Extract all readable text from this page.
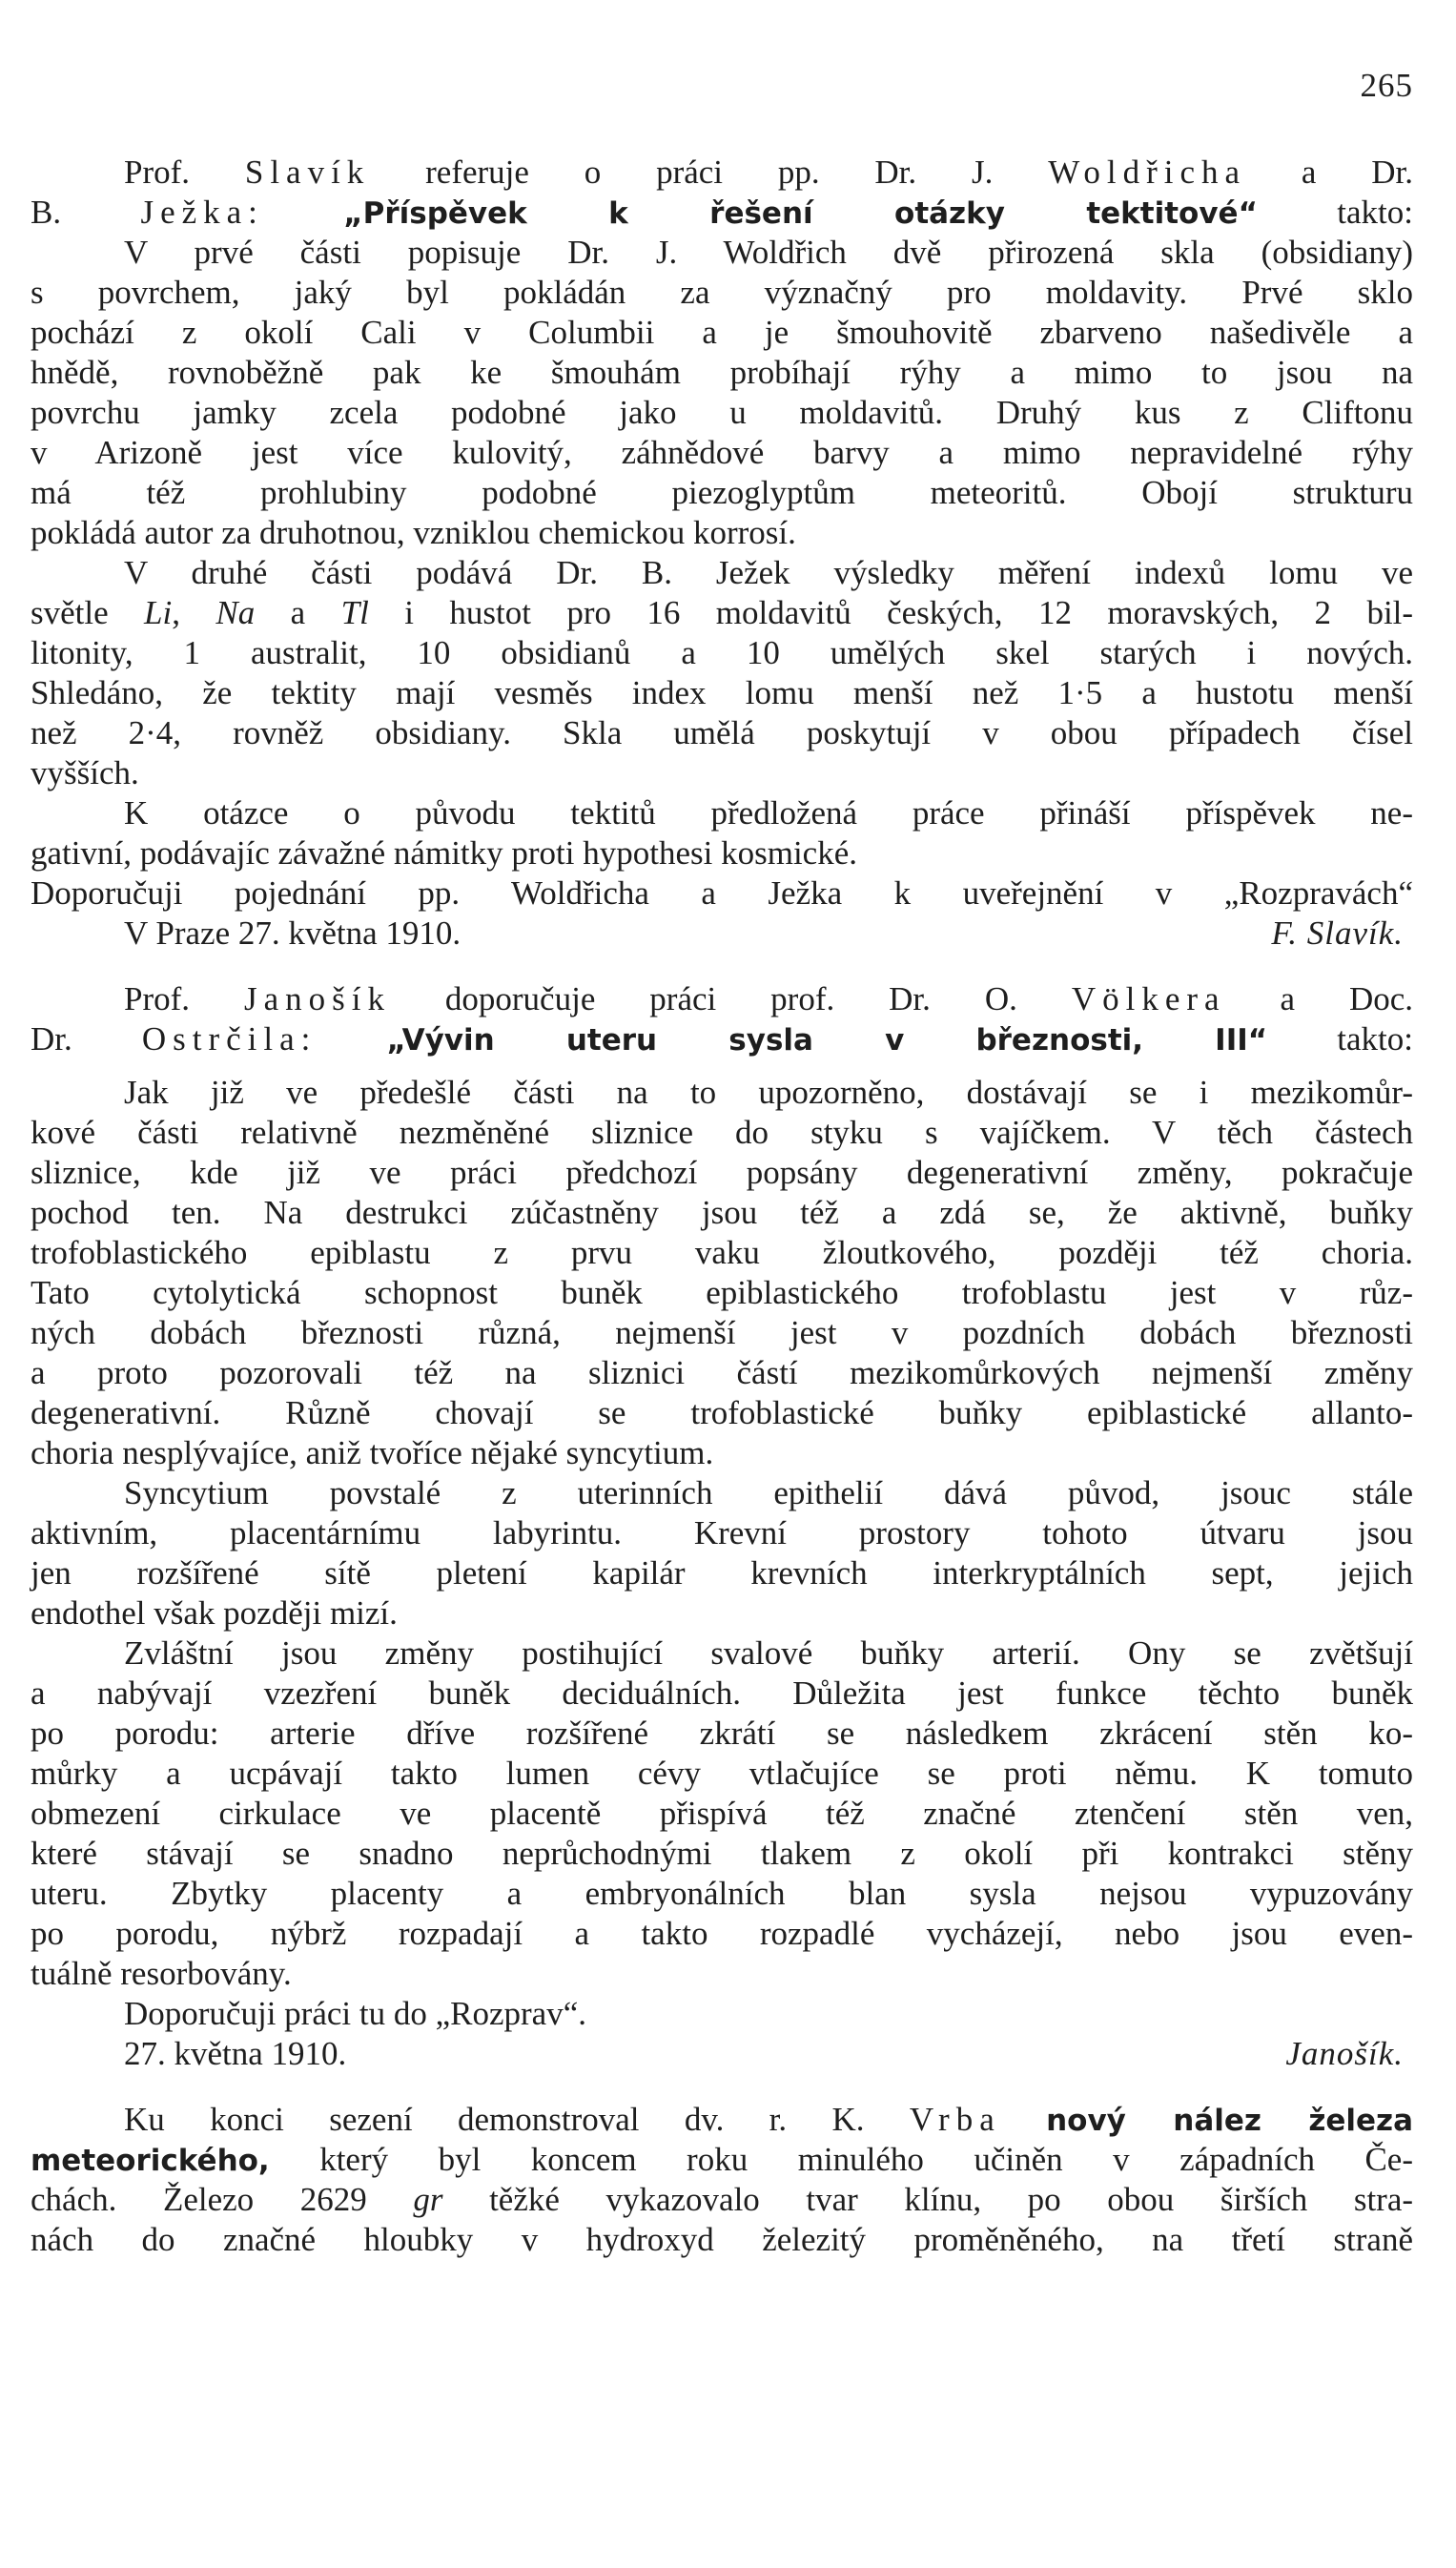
265
Prof. Slavík referuje o práci pp. Dr. J. Woldřicha a Dr.
B. Ježka:	„Příspěvek k řešení otázky tektitové“ takto:
V prvé části popisuje Dr. J. Woldřich dvě přirozená skla (obsidiany)
s povrchem, jaký byl pokládán za význačný pro moldavity. Prvé sklo
pochází z okolí Cali v Columbii a je šmouhovitě zbarveno našedivěle a
hnědě, rovnoběžně pak ke šmouhám probíhají rýhy a mimo to jsou na
povrchu jamky zcela podobné jako u moldavitů. Druhý kus z Cliftonu
v Arizoně jest více kulovitý, záhnědové barvy a mimo nepravidelné rýhy
má též prohlubiny podobné piezoglyptům meteoritů. Obojí strukturu
pokládá autor za druhotnou, vzniklou chemickou korrosí.
V druhé části podává Dr. B. Ježek výsledky měření indexů lomu ve
světle Li, Na a Tl i hustot pro 16 moldavitů českých, 12 moravských, 2 bil-
litonity, 1 australit, 10 obsidianů a 10 umělých skel starých i nových.
Shledáno, že tektity mají vesměs index lomu menší než 1·5 a hustotu menší
než 2·4, rovněž obsidiany. Skla umělá poskytují v obou případech čísel
vyšších.
K otázce o původu tektitů předložená práce přináší příspěvek ne-
gativní, podávajíc závažné námitky proti hypothesi kosmické.
Doporučuji pojednání pp. Woldřicha a Ježka k uveřejnění v „Rozpravách“
V Praze 27. května 1910.	F. Slavík.
Prof. Janošík doporučuje práci prof. Dr. O. Völkera a Doc.
Dr. Ostrčila: „Vývin uteru sysla v březnosti, III“ takto:
Jak již ve předešlé části na to upozorněno, dostávají se i mezikomůr-
kové části relativně nezměněné sliznice do styku s vajíčkem. V těch částech
sliznice, kde již ve práci předchozí popsány degenerativní změny, pokračuje
pochod ten. Na destrukci zúčastněny jsou též a zdá se, že aktivně, buňky
trofoblastického epiblastu z prvu vaku žloutkového, později též choria.
Tato cytolytická schopnost buněk epiblastického trofoblastu jest v růz-
ných dobách březnosti různá, nejmenší jest v pozdních dobách březnosti
a proto pozorovali též na sliznici částí mezikomůrkových nejmenší změny
degenerativní. Různě chovají se trofoblastické buňky epiblastické allanto-
choria nesplývajíce, aniž tvoříce nějaké syncytium.
Syncytium povstalé z uterinních epithelií dává původ, jsouc stále
aktivním, placentárnímu labyrintu. Krevní prostory tohoto útvaru jsou
jen rozšířené sítě pletení kapilár krevních interkryptálních sept, jejich
endothel však později mizí.
Zvláštní jsou změny postihující svalové buňky arterií. Ony se zvětšují
a nabývají vzezření buněk deciduálních. Důležita jest funkce těchto buněk
po porodu: arterie dříve rozšířené zkrátí se následkem zkrácení stěn ko-
můrky a ucpávají takto lumen cévy vtlačujíce se proti němu. K tomuto
obmezení cirkulace ve placentě přispívá též značné ztenčení stěn ven,
které stávají se snadno neprůchodnými tlakem z okolí při kontrakci stěny
uteru. Zbytky placenty a embryonálních blan sysla nejsou vypuzovány
po porodu, nýbrž rozpadají a takto rozpadlé vycházejí, nebo jsou even-
tuálně resorbovány.
Doporučuji práci tu do „Rozprav“.
27. května 1910.	Janošík.
Ku konci sezení demonstroval dv. r. K. Vrba nový nález železa
meteorického, který byl koncem roku minulého učiněn v západních Če-
chách. Železo 2629 gr těžké vykazovalo tvar klínu, po obou širších stra-
nách do značné hloubky v hydroxyd železitý proměněného, na třetí straně
